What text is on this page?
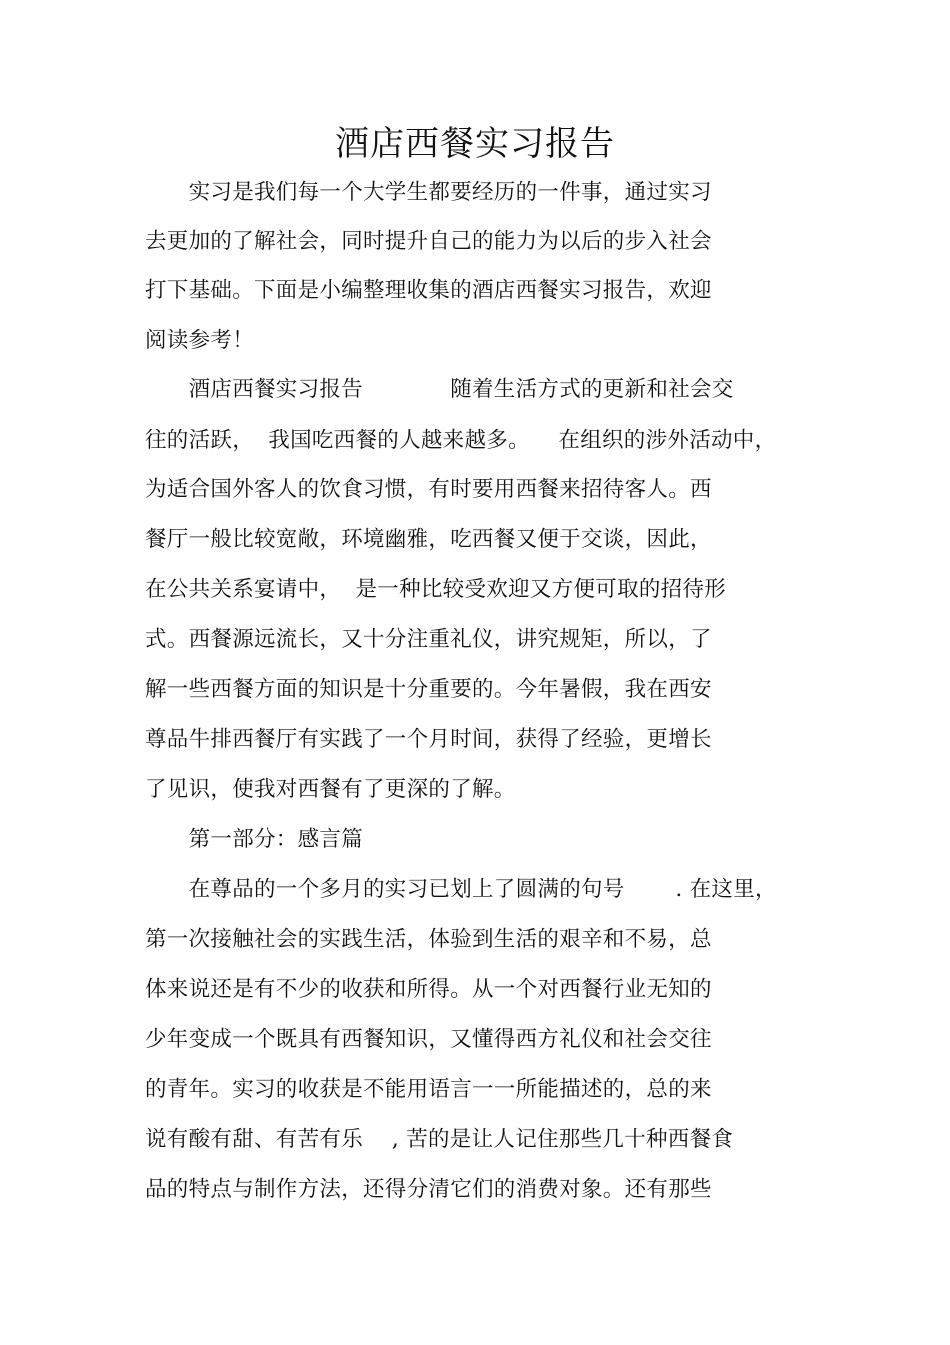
酒店西餐实习报告
　　实习是我们每一个大学生都要经历的一件事，通过实习
去更加的了解社会，同时提升自己的能力为以后的步入社会
打下基础。下面是小编整理收集的酒店西餐实习报告，欢迎
阅读参考！
　　酒店西餐实习报告　　　　随着生活方式的更新和社会交
往的活跃，  我国吃西餐的人越来越多。    在组织的涉外活动中，
为适合国外客人的饮食习惯，有时要用西餐来招待客人。西
餐厅一般比较宽敞，环境幽雅，吃西餐又便于交谈，因此，
在公共关系宴请中，  是一种比较受欢迎又方便可取的招待形
式。西餐源远流长，又十分注重礼仪，讲究规矩，所以，了
解一些西餐方面的知识是十分重要的。今年暑假，我在西安
尊品牛排西餐厅有实践了一个月时间，获得了经验，更增长
了见识，使我对西餐有了更深的了解。
　　第一部分：感言篇
　　在尊品的一个多月的实习已划上了圆满的句号　　 . 在这里，
第一次接触社会的实践生活，体验到生活的艰辛和不易，总
体来说还是有不少的收获和所得。从一个对西餐行业无知的
少年变成一个既具有西餐知识，又懂得西方礼仪和社会交往
的青年。实习的收获是不能用语言一一所能描述的，总的来
说有酸有甜、有苦有乐　 , 苦的是让人记住那些几十种西餐食
品的特点与制作方法，还得分清它们的消费对象。还有那些
